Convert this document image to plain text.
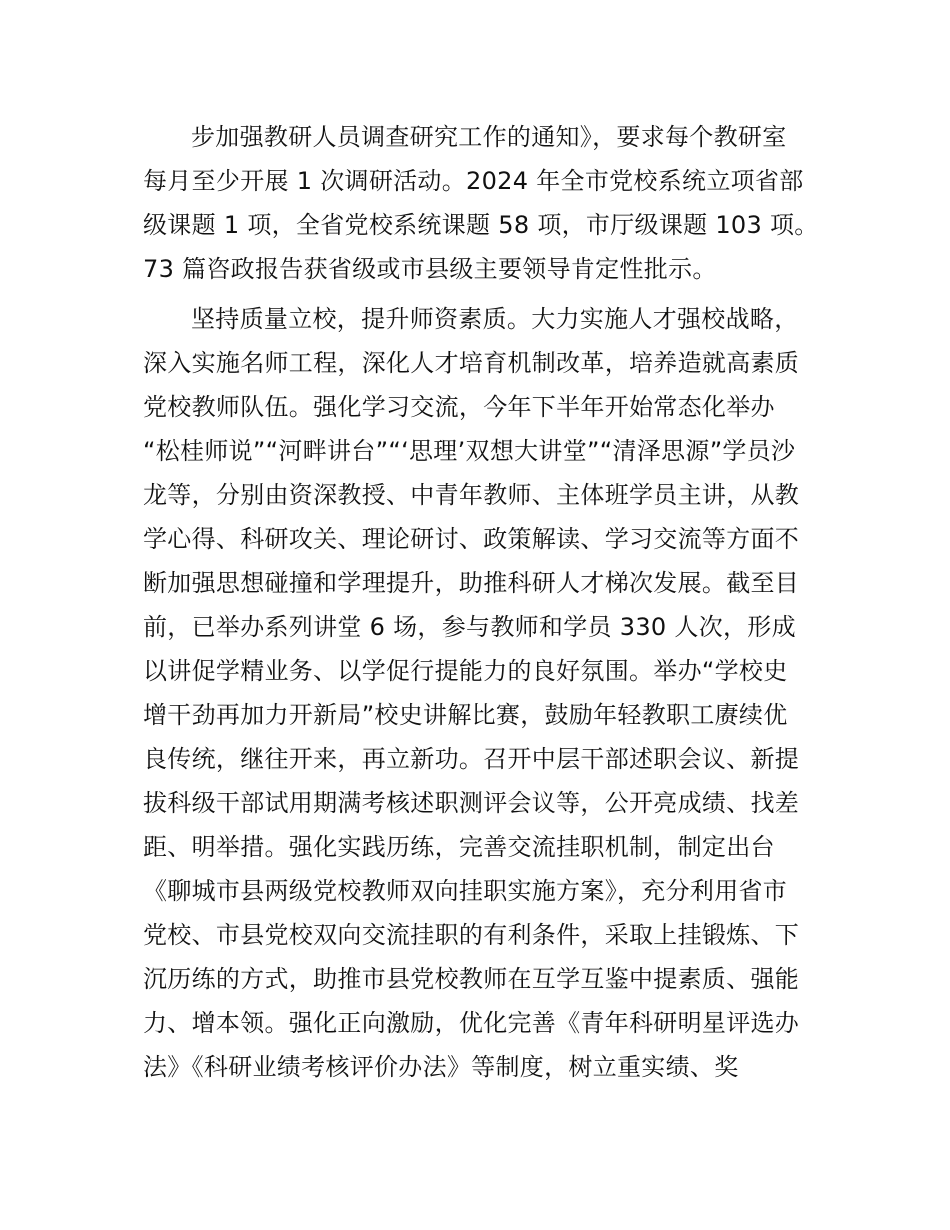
步加强教研人员调查研究工作的通知》，要求每个教研室
每月至少开展 1 次调研活动。2024 年全市党校系统立项省部
级课题 1 项，全省党校系统课题 58 项，市厅级课题 103 项。
73 篇咨政报告获省级或市县级主要领导肯定性批示。
坚持质量立校，提升师资素质。大力实施人才强校战略，
深入实施名师工程，深化人才培育机制改革，培养造就高素质
党校教师队伍。强化学习交流，今年下半年开始常态化举办
“松桂师说”“河畔讲台”“‘思理’双想大讲堂”“清泽思源”学员沙
龙等，分别由资深教授、中青年教师、主体班学员主讲，从教
学心得、科研攻关、理论研讨、政策解读、学习交流等方面不
断加强思想碰撞和学理提升，助推科研人才梯次发展。截至目
前，已举办系列讲堂 6 场，参与教师和学员 330 人次，形成
以讲促学精业务、以学促行提能力的良好氛围。举办“学校史
增干劲再加力开新局”校史讲解比赛，鼓励年轻教职工赓续优
良传统，继往开来，再立新功。召开中层干部述职会议、新提
拔科级干部试用期满考核述职测评会议等，公开亮成绩、找差
距、明举措。强化实践历练，完善交流挂职机制，制定出台
《聊城市县两级党校教师双向挂职实施方案》，充分利用省市
党校、市县党校双向交流挂职的有利条件，采取上挂锻炼、下
沉历练的方式，助推市县党校教师在互学互鉴中提素质、强能
力、增本领。强化正向激励，优化完善《青年科研明星评选办
法》《科研业绩考核评价办法》等制度，树立重实绩、奖
